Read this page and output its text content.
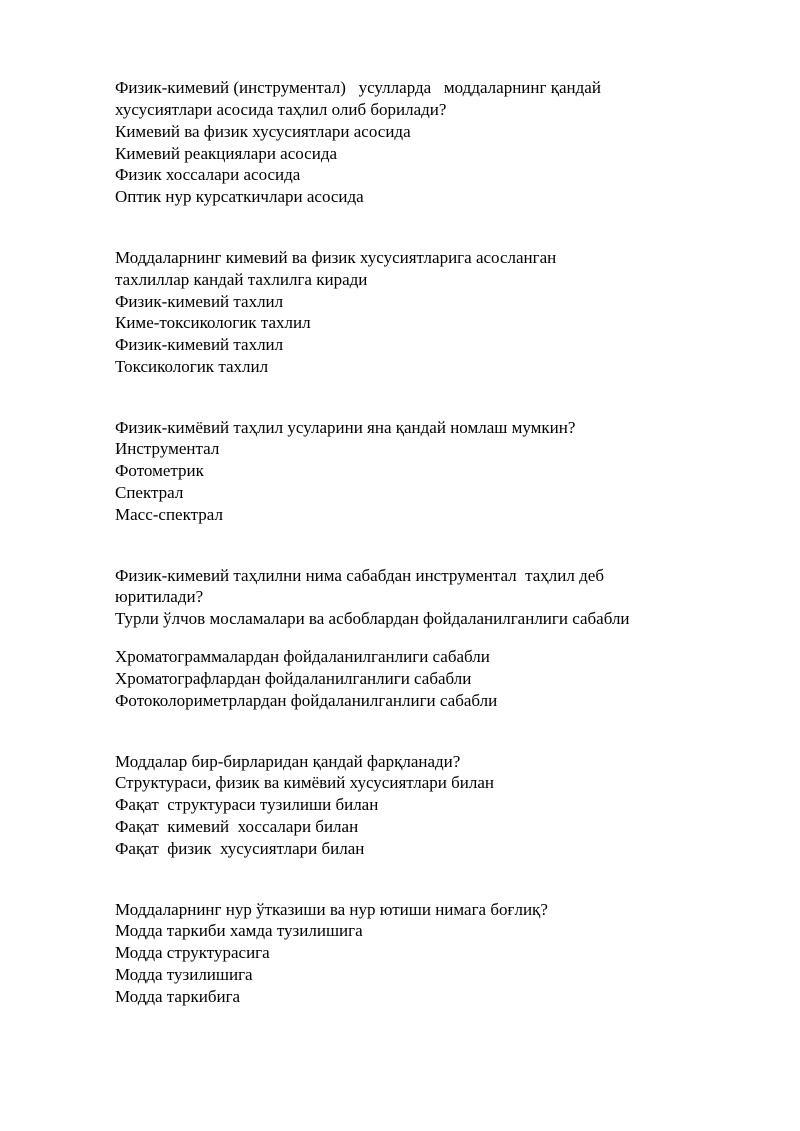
Физик-кимевий (инструментал)   усулларда   моддаларнинг қандай
хусусиятлари асосида таҳлил олиб борилади?
Кимевий ва физик хусусиятлари асосида
Кимевий реакциялари асосида
Физик хоссалари асосида
Оптик нур курсаткичлари асосида
Моддаларнинг кимевий ва физик хусусиятларига асосланган
тахлиллар кандай тахлилга киради
Физик-кимевий тахлил
Киме-токсикологик тахлил
Физик-кимевий тахлил
Токсикологик тахлил
Физик-кимёвий таҳлил усуларини яна қандай номлаш мумкин?
Инструментал
Фотометрик
Спектрал
Масс-спектрал
Физик-кимевий таҳлилни нима сабабдан инструментал  таҳлил деб
юритилади?
Турли ўлчов мосламалари ва асбоблардан фойдаланилганлиги сабабли
Хроматограммалардан фойдаланилганлиги сабабли
Хроматографлардан фойдаланилганлиги сабабли
Фотоколориметрлардан фойдаланилганлиги сабабли
Моддалар бир-бирларидан қандай фарқланади?
Структураси, физик ва кимёвий хусусиятлари билан
Фақат  структураси тузилиши билан
Фақат  кимевий  хоссалари билан
Фақат  физик  хусусиятлари билан
Моддаларнинг нур ўтказиши ва нур ютиши нимага боғлиқ?
Модда таркиби хамда тузилишига
Модда структурасига
Модда тузилишига
Модда таркибига
